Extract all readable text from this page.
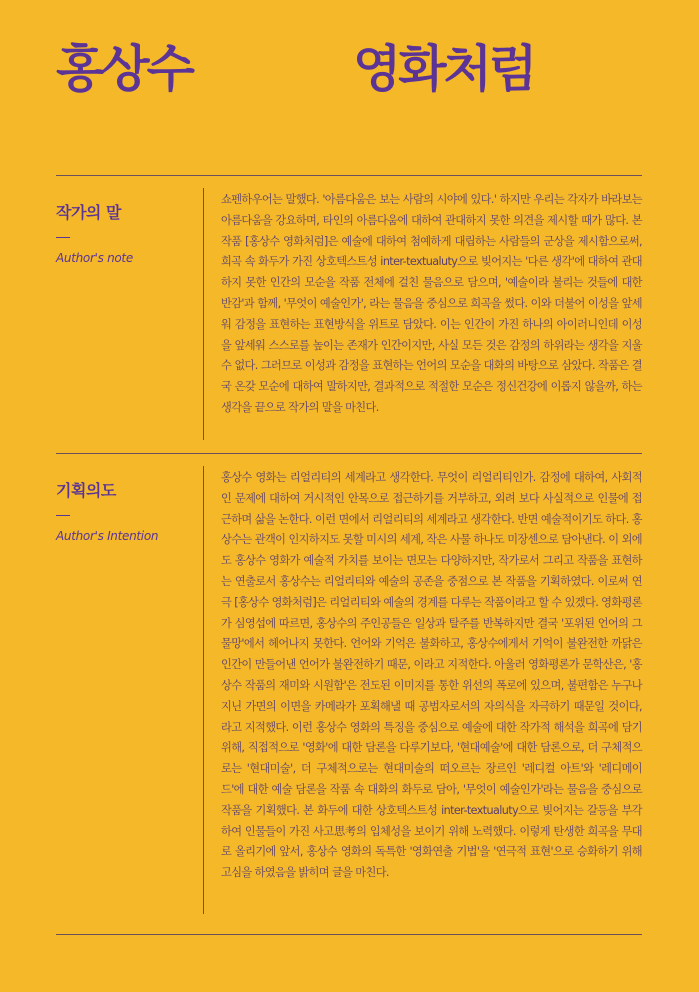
홍상수	영화처럼
작가의 말
Author's note

쇼펜하우어는 말했다. '아름다움은 보는 사람의 시야에 있다.' 하지만 우리는 각자가 바라보는 아름다움을 강요하며, 타인의 아름다움에 대하여 관대하지 못한 의견을 제시할 때가 많다. 본 작품 [홍상수 영화처럼]은 예술에 대하여 첨예하게 대립하는 사람들의 군상을 제시함으로써, 희곡 속 화두가 가진 상호텍스트성 inter-textualuty으로 빚어지는 '다른 생각'에 대하여 관대하지 못한 인간의 모순을 작품 전체에 걸친 물음으로 담으며, '예술이라 불리는 것들에 대한 반감'과 함께, '무엇이 예술인가', 라는 물음을 중심으로 희곡을 썼다. 이와 더불어 이성을 앞세워 감정을 표현하는 표현방식을 위트로 담았다. 이는 인간이 가진 하나의 아이러니인데 이성을 앞세워 스스로를 높이는 존재가 인간이지만, 사실 모든 것은 감정의 하위라는 생각을 지울 수 없다. 그러므로 이성과 감정을 표현하는 언어의 모순을 대화의 바탕으로 삼았다. 작품은 결국 온갖 모순에 대하여 말하지만, 결과적으로 적절한 모순은 정신건강에 이롭지 않을까, 하는 생각을 끝으로 작가의 말을 마친다.

기획의도
Author's Intention

홍상수 영화는 리얼리티의 세계라고 생각한다. 무엇이 리얼리티인가. 감정에 대하여, 사회적인 문제에 대하여 거시적인 안목으로 접근하기를 거부하고, 외려 보다 사실적으로 인물에 접근하며 삶을 논한다. 이런 면에서 리얼리티의 세계라고 생각한다. 반면 예술적이기도 하다. 홍상수는 관객이 인지하지도 못할 미시의 세계, 작은 사물 하나도 미장센으로 담아낸다. 이 외에도 홍상수 영화가 예술적 가치를 보이는 면모는 다양하지만, 작가로서 그리고 작품을 표현하는 연출로서 홍상수는 리얼리티와 예술의 공존을 중점으로 본 작품을 기획하였다. 이로써 연극 [홍상수 영화처럼]은 리얼리티와 예술의 경계를 다루는 작품이라고 할 수 있겠다. 영화평론가 심영섭에 따르면, 홍상수의 주인공들은 일상과 탈주를 반복하지만 결국 '포위된 언어의 그물망'에서 헤어나지 못한다. 언어와 기억은 불화하고, 홍상수에게서 기억이 불완전한 까닭은 인간이 만들어낸 언어가 불완전하기 때문, 이라고 지적한다. 아울러 영화평론가 문학산은, '홍상수 작품의 재미와 시원함'은 전도된 이미지를 통한 위선의 폭로에 있으며, 불편함은 누구나 지닌 가면의 이면을 카메라가 포획해낼 때 공범자로서의 자의식을 자극하기 때문일 것이다, 라고 지적했다. 이런 홍상수 영화의 특징을 중심으로 예술에 대한 작가적 해석을 희곡에 담기 위해, 직접적으로 '영화'에 대한 담론을 다루기보다, '현대예술'에 대한 담론으로, 더 구체적으로는 '현대미술', 더 구체적으로는 현대미술의 떠오르는 장르인 '레디컬 아트'와 '레디메이드'에 대한 예술 담론을 작품 속 대화의 화두로 담아, '무엇이 예술인가'라는 물음을 중심으로 작품을 기획했다. 본 화두에 대한 상호텍스트성 inter-textualuty으로 빚어지는 갈등을 부각하여 인물들이 가진 사고思考의 입체성을 보이기 위해 노력했다. 이렇게 탄생한 희곡을 무대로 올리기에 앞서, 홍상수 영화의 독특한 '영화연출 기법'을 '연극적 표현'으로 승화하기 위해 고심을 하였음을 밝히며 글을 마친다.
